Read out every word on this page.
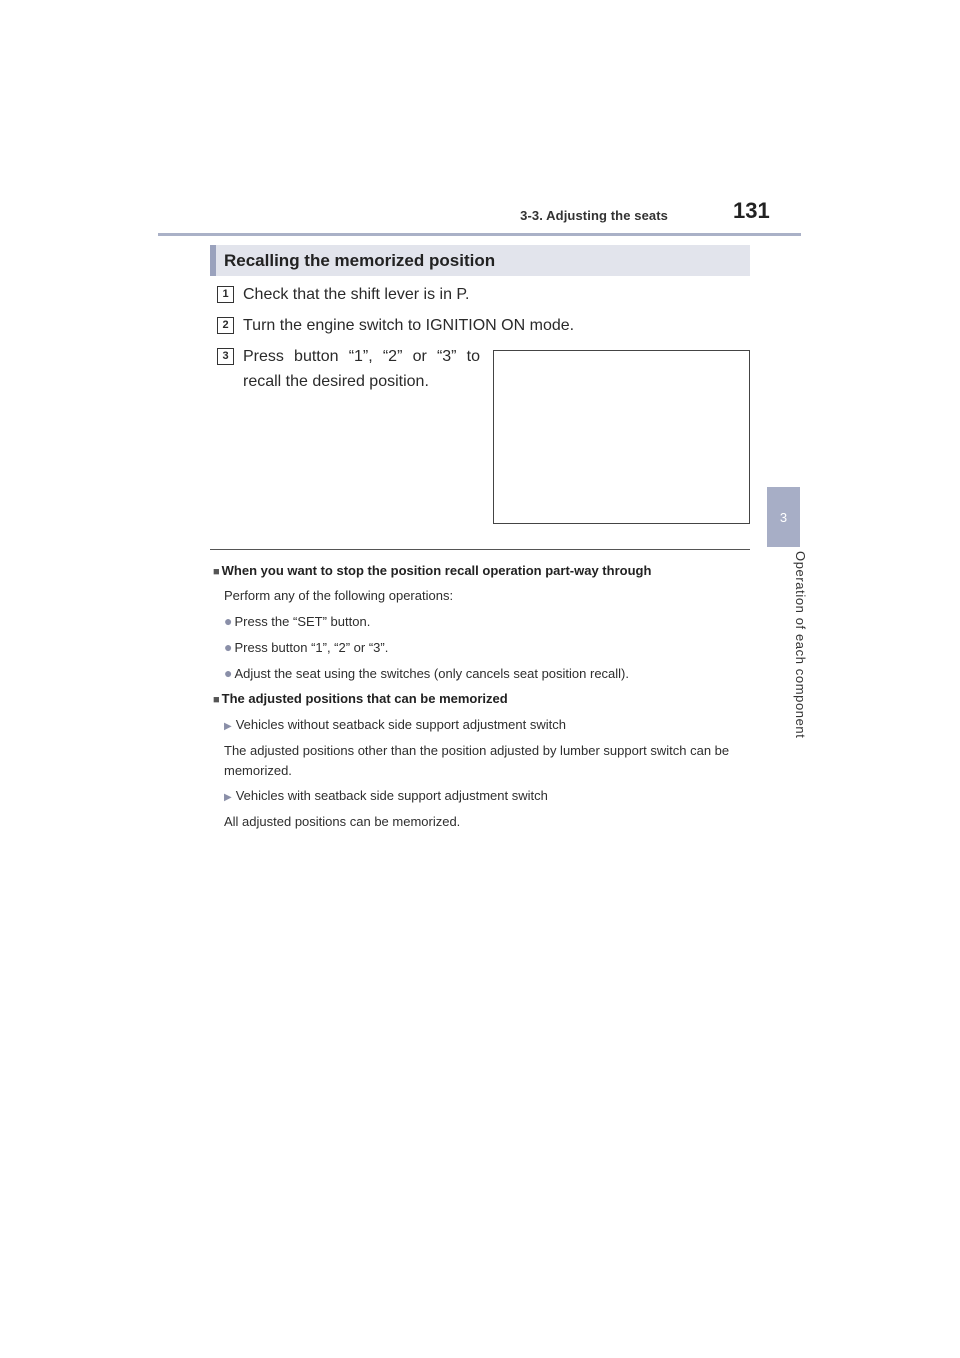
3-3. Adjusting the seats	131
3
Operation of each component
Recalling the memorized position
1 Check that the shift lever is in P.
2 Turn the engine switch to IGNITION ON mode.
3 Press button “1”, “2” or “3” to recall the desired position.
■ When you want to stop the position recall operation part-way through
Perform any of the following operations:
● Press the “SET” button.
● Press button “1”, “2” or “3”.
● Adjust the seat using the switches (only cancels seat position recall).
■ The adjusted positions that can be memorized
▶ Vehicles without seatback side support adjustment switch
The adjusted positions other than the position adjusted by lumber support switch can be memorized.
▶ Vehicles with seatback side support adjustment switch
All adjusted positions can be memorized.
